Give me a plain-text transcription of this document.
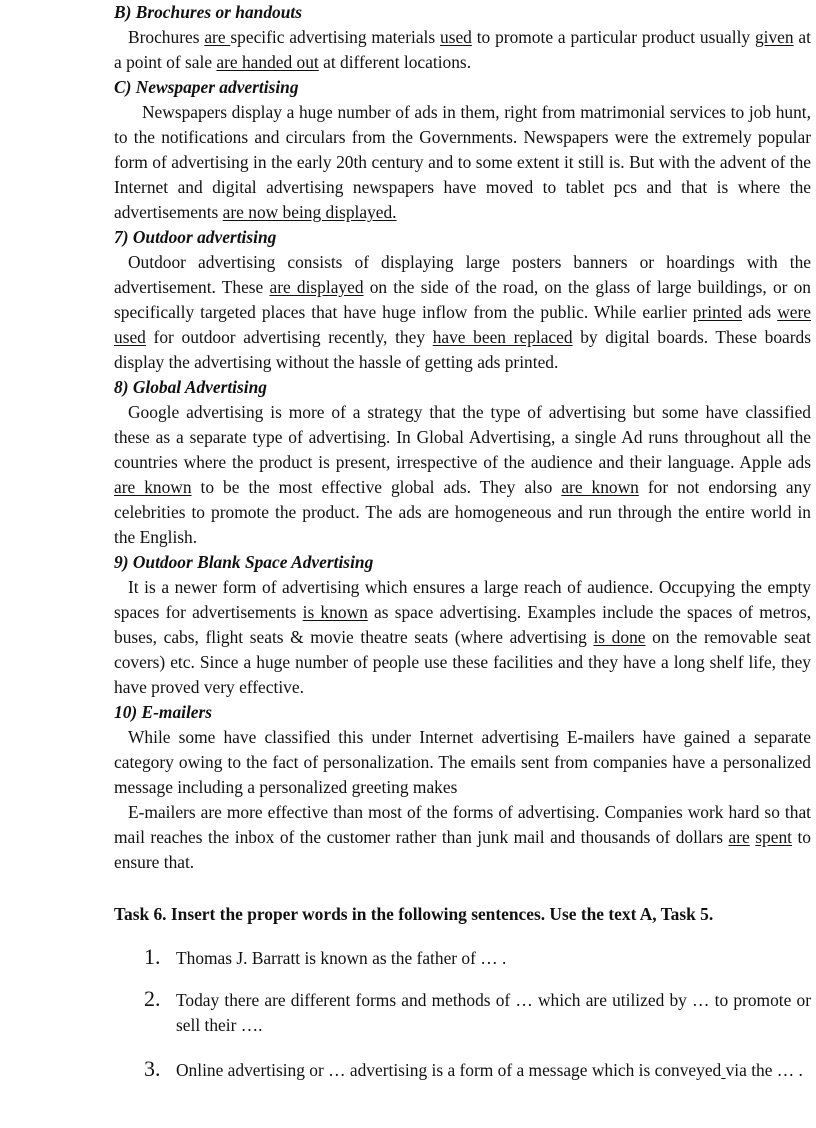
B) Brochures or handouts
Brochures are specific advertising materials used to promote a particular product usually given at a point of sale are handed out at different locations.
C) Newspaper advertising
Newspapers display a huge number of ads in them, right from matrimonial services to job hunt, to the notifications and circulars from the Governments. Newspapers were the extremely popular form of advertising in the early 20th century and to some extent it still is. But with the advent of the Internet and digital advertising newspapers have moved to tablet pcs and that is where the advertisements are now being displayed.
7) Outdoor advertising
Outdoor advertising consists of displaying large posters banners or hoardings with the advertisement. These are displayed on the side of the road, on the glass of large buildings, or on specifically targeted places that have huge inflow from the public. While earlier printed ads were used for outdoor advertising recently, they have been replaced by digital boards. These boards display the advertising without the hassle of getting ads printed.
8) Global Advertising
Google advertising is more of a strategy that the type of advertising but some have classified these as a separate type of advertising. In Global Advertising, a single Ad runs throughout all the countries where the product is present, irrespective of the audience and their language. Apple ads are known to be the most effective global ads. They also are known for not endorsing any celebrities to promote the product. The ads are homogeneous and run through the entire world in the English.
9) Outdoor Blank Space Advertising
It is a newer form of advertising which ensures a large reach of audience. Occupying the empty spaces for advertisements is known as space advertising. Examples include the spaces of metros, buses, cabs, flight seats & movie theatre seats (where advertising is done on the removable seat covers) etc. Since a huge number of people use these facilities and they have a long shelf life, they have proved very effective.
10) E-mailers
While some have classified this under Internet advertising E-mailers have gained a separate category owing to the fact of personalization. The emails sent from companies have a personalized message including a personalized greeting makes
E-mailers are more effective than most of the forms of advertising. Companies work hard so that mail reaches the inbox of the customer rather than junk mail and thousands of dollars are spent to ensure that.
Task 6. Insert the proper words in the following sentences. Use the text A, Task 5.
1. Thomas J. Barratt is known as the father of … .
2. Today there are different forms and methods of … which are utilized by … to promote or sell their ….
3. Online advertising or … advertising is a form of a message which is conveyed via the … .
